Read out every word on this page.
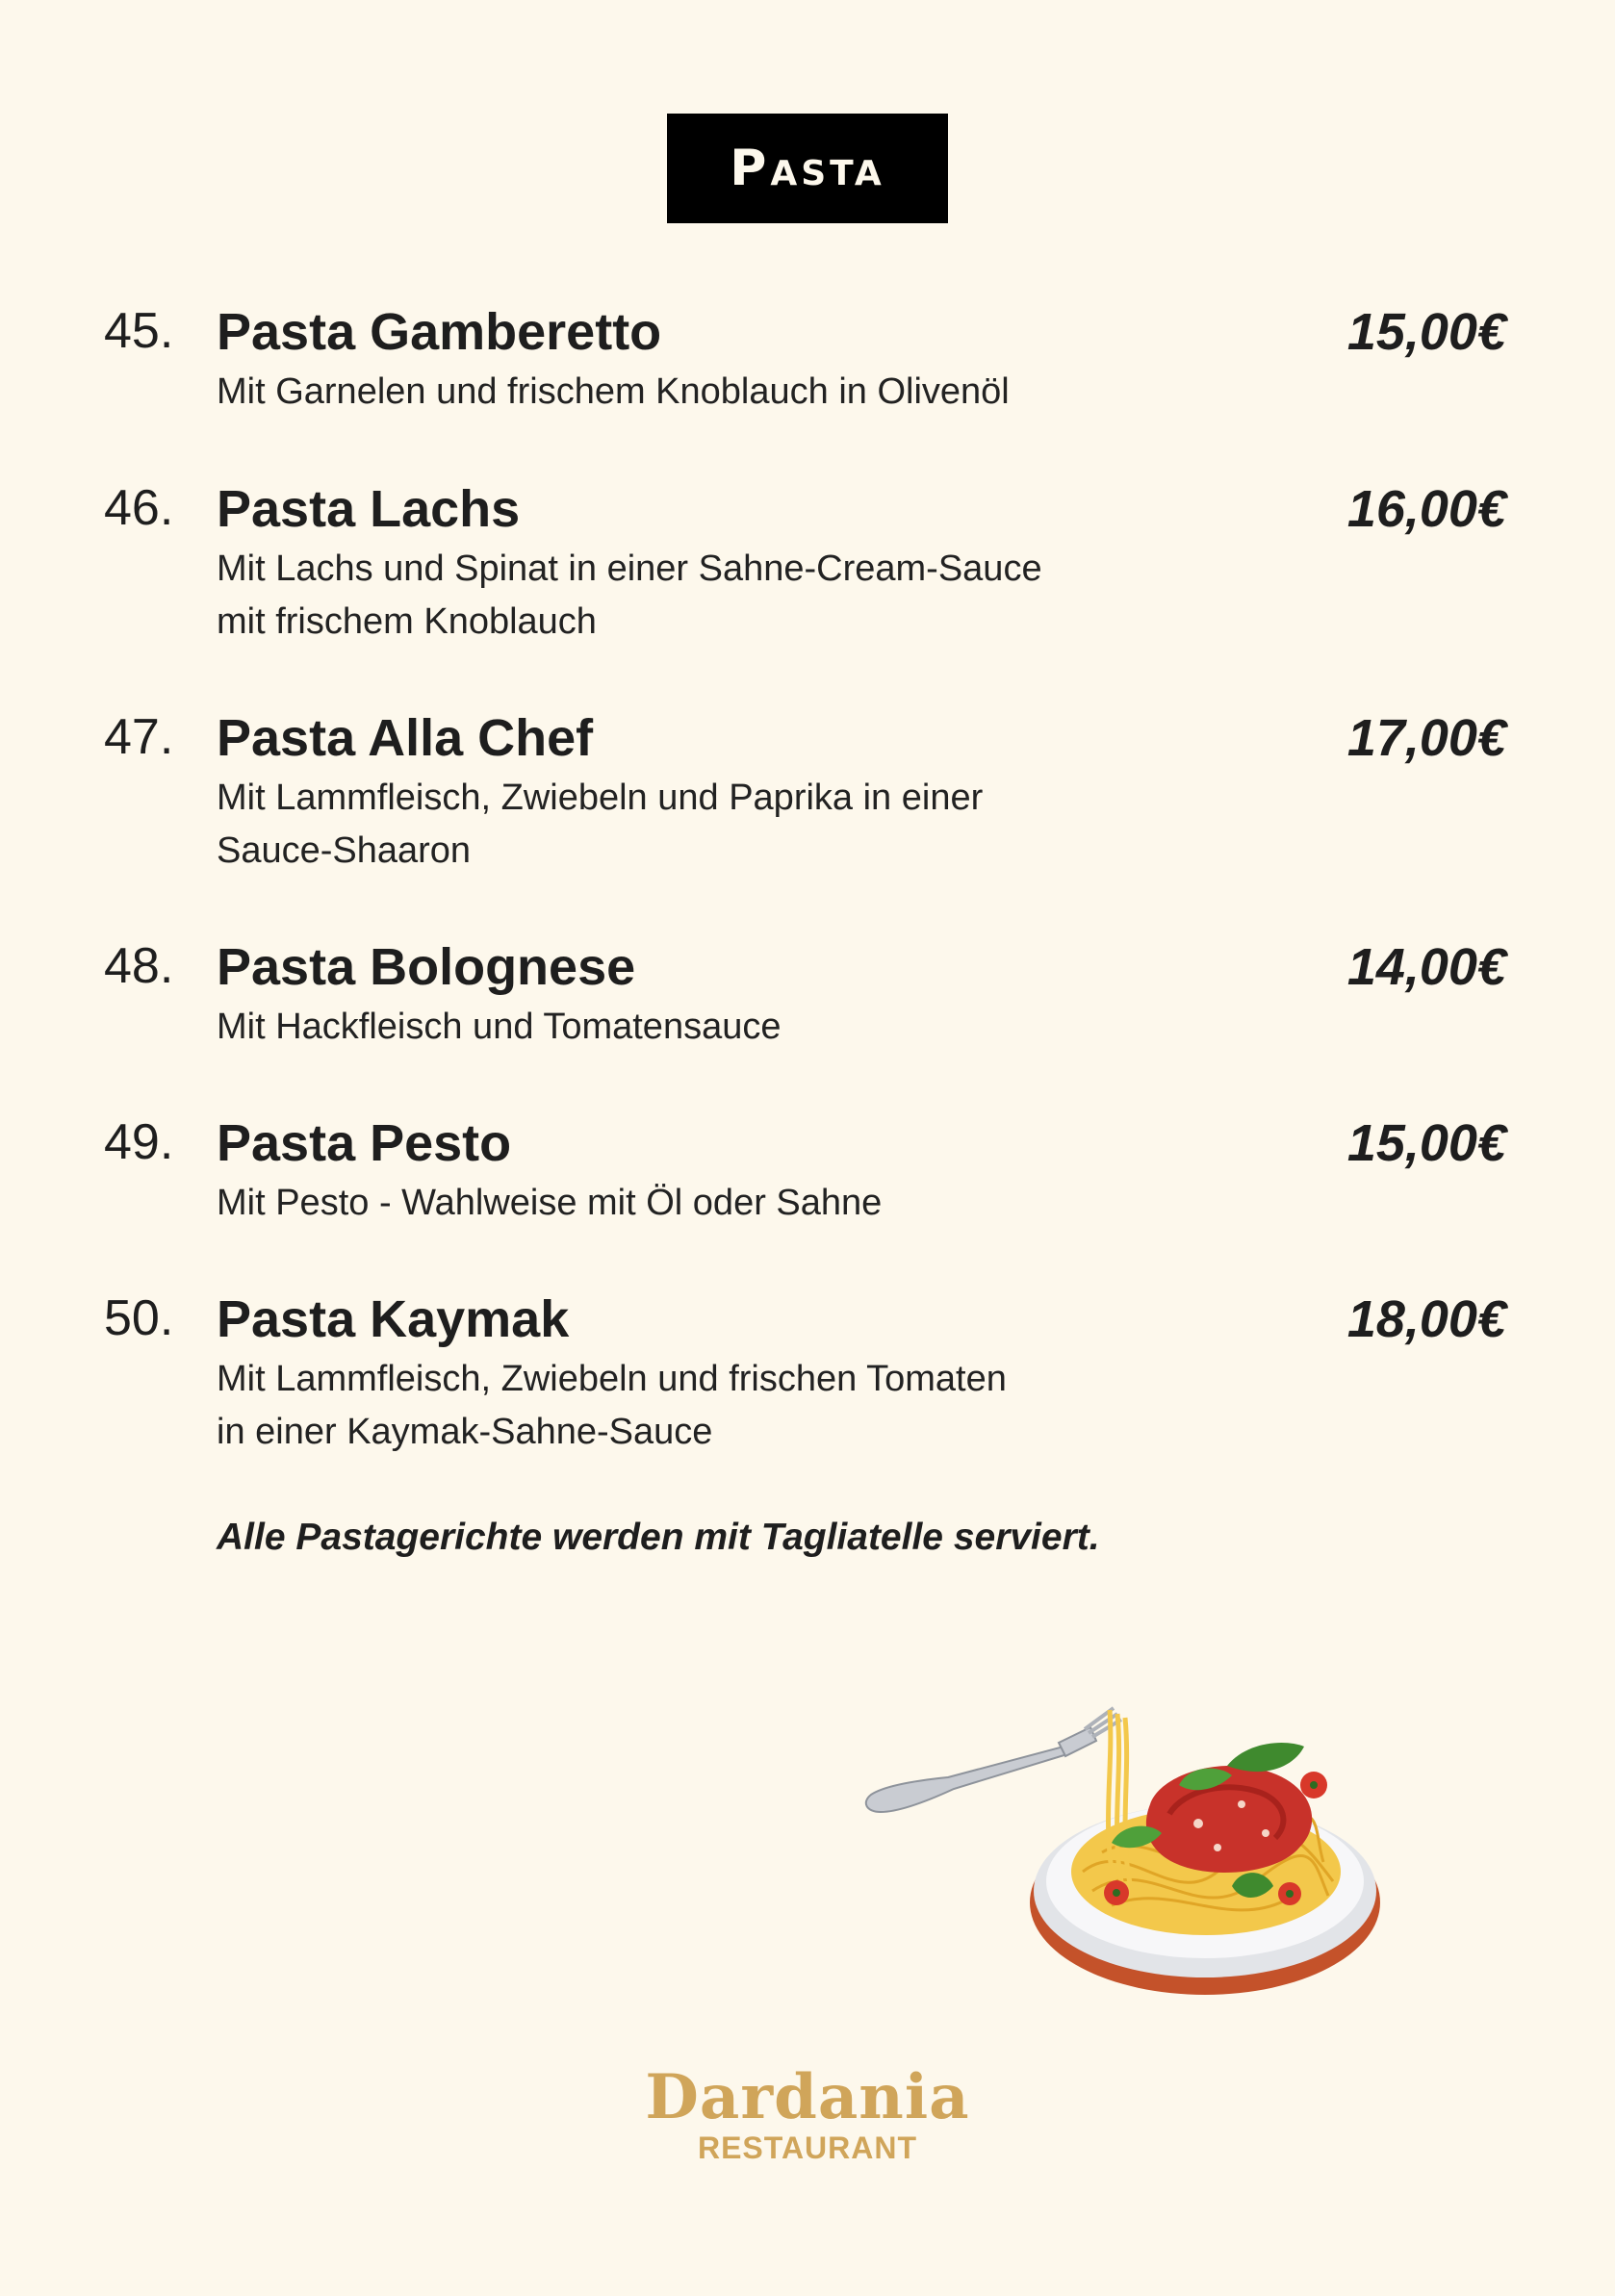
Pasta
45. Pasta Gamberetto	15,00€
Mit Garnelen und frischem Knoblauch in Olivenöl
46. Pasta Lachs	16,00€
Mit Lachs und Spinat in einer Sahne-Cream-Sauce
mit frischem Knoblauch
47. Pasta Alla Chef	17,00€
Mit Lammfleisch, Zwiebeln und Paprika in einer
Sauce-Shaaron
48. Pasta Bolognese	14,00€
Mit Hackfleisch und Tomatensauce
49. Pasta Pesto	15,00€
Mit Pesto - Wahlweise mit Öl oder Sahne
50. Pasta Kaymak	18,00€
Mit Lammfleisch, Zwiebeln und frischen Tomaten
in einer Kaymak-Sahne-Sauce
Alle Pastagerichte werden mit Tagliatelle serviert.
Dardania
RESTAURANT
